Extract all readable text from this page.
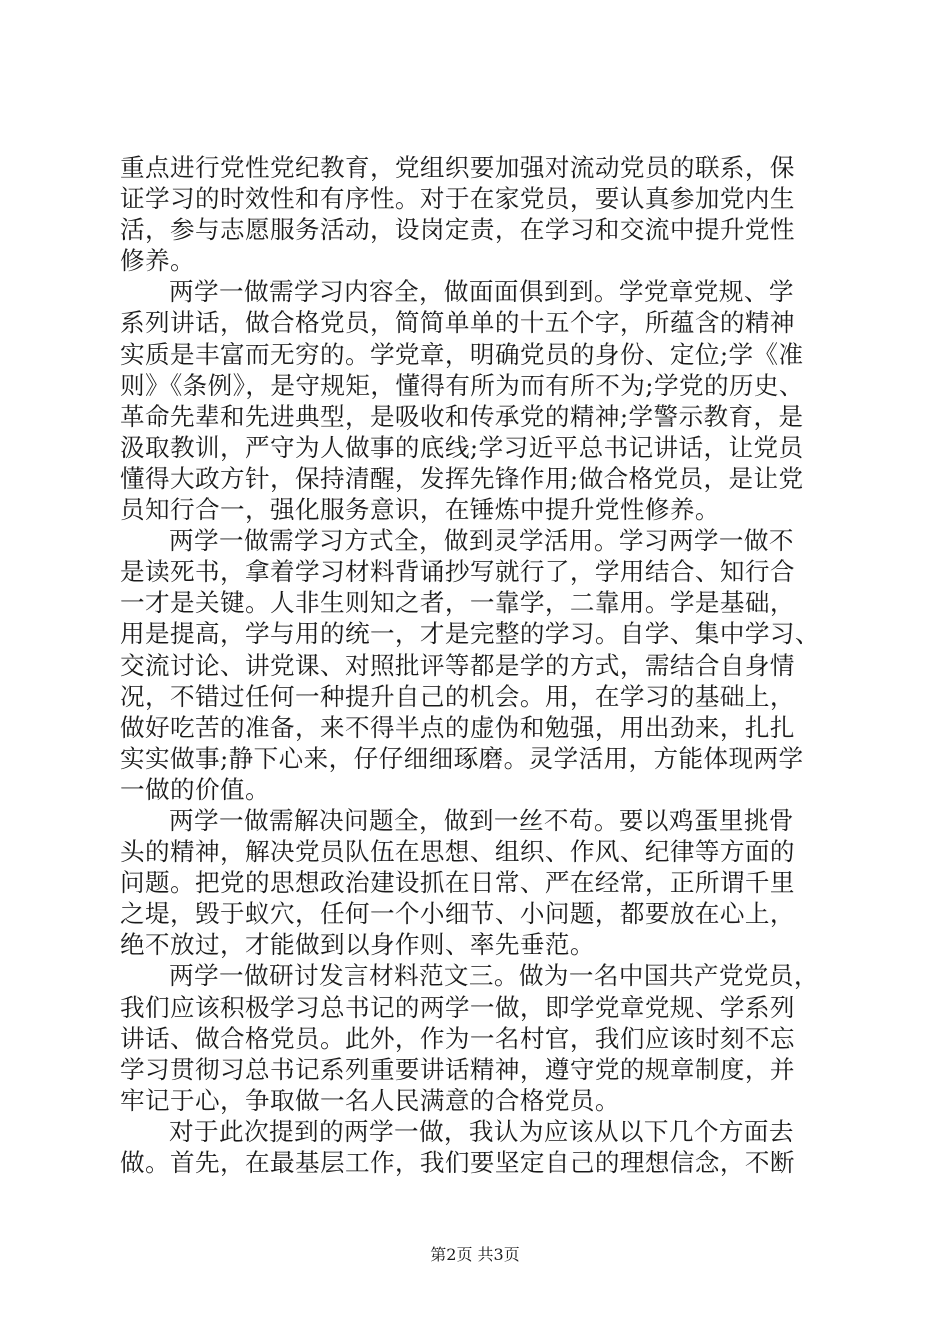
重点进行党性党纪教育，党组织要加强对流动党员的联系，保
证学习的时效性和有序性。对于在家党员，要认真参加党内生
活，参与志愿服务活动，设岗定责，在学习和交流中提升党性
修养。
两学一做需学习内容全，做面面俱到到。学党章党规、学
系列讲话，做合格党员，简简单单的十五个字，所蕴含的精神
实质是丰富而无穷的。学党章，明确党员的身份、定位;学《准
则》《条例》，是守规矩，懂得有所为而有所不为;学党的历史、
革命先辈和先进典型，是吸收和传承党的精神;学警示教育，是
汲取教训，严守为人做事的底线;学习近平总书记讲话，让党员
懂得大政方针，保持清醒，发挥先锋作用;做合格党员，是让党
员知行合一，强化服务意识，在锤炼中提升党性修养。
两学一做需学习方式全，做到灵学活用。学习两学一做不
是读死书，拿着学习材料背诵抄写就行了，学用结合、知行合
一才是关键。人非生则知之者，一靠学，二靠用。学是基础，
用是提高，学与用的统一，才是完整的学习。自学、集中学习、
交流讨论、讲党课、对照批评等都是学的方式，需结合自身情
况，不错过任何一种提升自己的机会。用，在学习的基础上，
做好吃苦的准备，来不得半点的虚伪和勉强，用出劲来，扎扎
实实做事;静下心来，仔仔细细琢磨。灵学活用，方能体现两学
一做的价值。
两学一做需解决问题全，做到一丝不苟。要以鸡蛋里挑骨
头的精神，解决党员队伍在思想、组织、作风、纪律等方面的
问题。把党的思想政治建设抓在日常、严在经常，正所谓千里
之堤，毁于蚁穴，任何一个小细节、小问题，都要放在心上，
绝不放过，才能做到以身作则、率先垂范。
两学一做研讨发言材料范文三。做为一名中国共产党党员，
我们应该积极学习总书记的两学一做，即学党章党规、学系列
讲话、做合格党员。此外，作为一名村官，我们应该时刻不忘
学习贯彻习总书记系列重要讲话精神，遵守党的规章制度，并
牢记于心，争取做一名人民满意的合格党员。
对于此次提到的两学一做，我认为应该从以下几个方面去
做。首先，在最基层工作，我们要坚定自己的理想信念，不断
第2页 共3页
